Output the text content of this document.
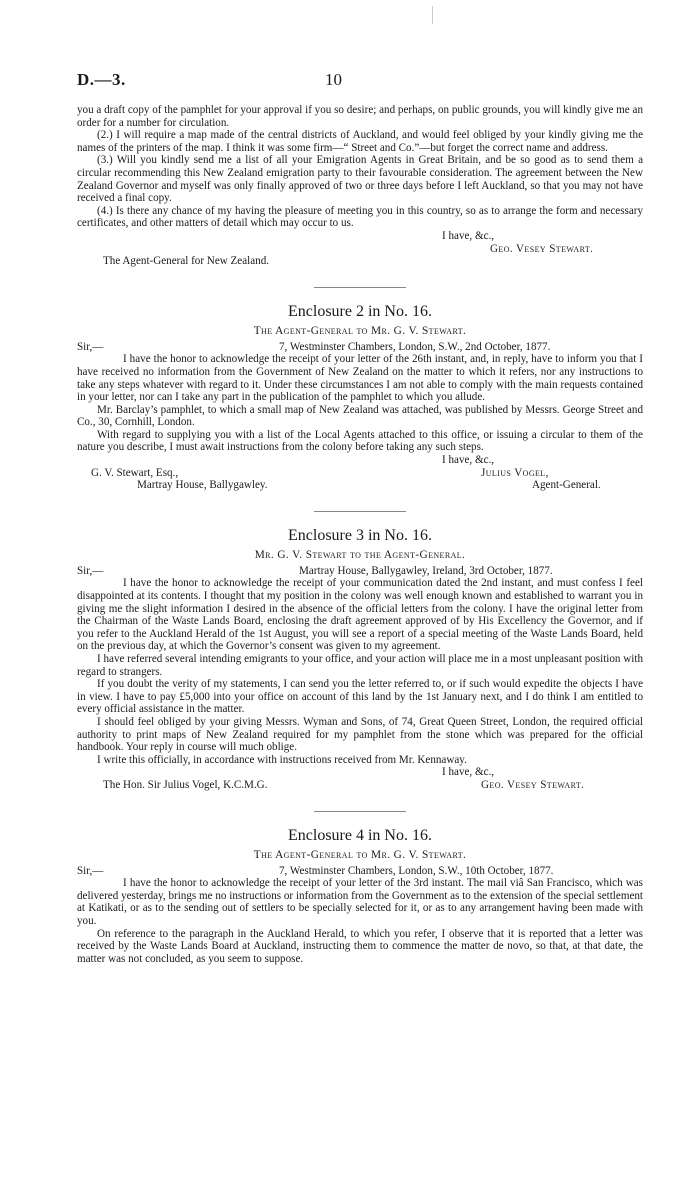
D.—3.	10

you a draft copy of the pamphlet for your approval if you so desire; and perhaps, on public grounds, you will kindly give me an order for a number for circulation.

(2.) I will require a map made of the central districts of Auckland, and would feel obliged by your kindly giving me the names of the printers of the map. I think it was some firm—“ Street and Co.”—but forget the correct name and address.

(3.) Will you kindly send me a list of all your Emigration Agents in Great Britain, and be so good as to send them a circular recommending this New Zealand emigration party to their favourable consideration. The agreement between the New Zealand Governor and myself was only finally approved of two or three days before I left Auckland, so that you may not have received a final copy.

(4.) Is there any chance of my having the pleasure of meeting you in this country, so as to arrange the form and necessary certificates, and other matters of detail which may occur to us.

I have, &c.,
Geo. Vesey Stewart.

The Agent-General for New Zealand.

Enclosure 2 in No. 16.
The Agent-General to Mr. G. V. Stewart.
Sir,—	7, Westminster Chambers, London, S.W., 2nd October, 1877.

I have the honor to acknowledge the receipt of your letter of the 26th instant, and, in reply, have to inform you that I have received no information from the Government of New Zealand on the matter to which it refers, nor any instructions to take any steps whatever with regard to it. Under these circumstances I am not able to comply with the main requests contained in your letter, nor can I take any part in the publication of the pamphlet to which you allude.

Mr. Barclay’s pamphlet, to which a small map of New Zealand was attached, was published by Messrs. George Street and Co., 30, Cornhill, London.

With regard to supplying you with a list of the Local Agents attached to this office, or issuing a circular to them of the nature you describe, I must await instructions from the colony before taking any such steps.

I have, &c.,
G. V. Stewart, Esq.,	Julius Vogel,
Martray House, Ballygawley.	Agent-General.
Enclosure 3 in No. 16.
Mr. G. V. Stewart to the Agent-General.
Sir,—	Martray House, Ballygawley, Ireland, 3rd October, 1877.

I have the honor to acknowledge the receipt of your communication dated the 2nd instant, and must confess I feel disappointed at its contents. I thought that my position in the colony was well enough known and established to warrant you in giving me the slight information I desired in the absence of the official letters from the colony. I have the original letter from the Chairman of the Waste Lands Board, enclosing the draft agreement approved of by His Excellency the Governor, and if you refer to the Auckland Herald of the 1st August, you will see a report of a special meeting of the Waste Lands Board, held on the previous day, at which the Governor’s consent was given to my agreement.

I have referred several intending emigrants to your office, and your action will place me in a most unpleasant position with regard to strangers.

If you doubt the verity of my statements, I can send you the letter referred to, or if such would expedite the objects I have in view. I have to pay £5,000 into your office on account of this land by the 1st January next, and I do think I am entitled to every official assistance in the matter.

I should feel obliged by your giving Messrs. Wyman and Sons, of 74, Great Queen Street, London, the required official authority to print maps of New Zealand required for my pamphlet from the stone which was prepared for the official handbook. Your reply in course will much oblige.

I write this officially, in accordance with instructions received from Mr. Kennaway.

I have, &c.,
The Hon. Sir Julius Vogel, K.C.M.G.	Geo. Vesey Stewart.
Enclosure 4 in No. 16.
The Agent-General to Mr. G. V. Stewart.
Sir,—	7, Westminster Chambers, London, S.W., 10th October, 1877.

I have the honor to acknowledge the receipt of your letter of the 3rd instant. The mail viâ San Francisco, which was delivered yesterday, brings me no instructions or information from the Government as to the extension of the special settlement at Katikati, or as to the sending out of settlers to be specially selected for it, or as to any arrangement having been made with you.

On reference to the paragraph in the Auckland Herald, to which you refer, I observe that it is reported that a letter was received by the Waste Lands Board at Auckland, instructing them to commence the matter de novo, so that, at that date, the matter was not concluded, as you seem to suppose.
